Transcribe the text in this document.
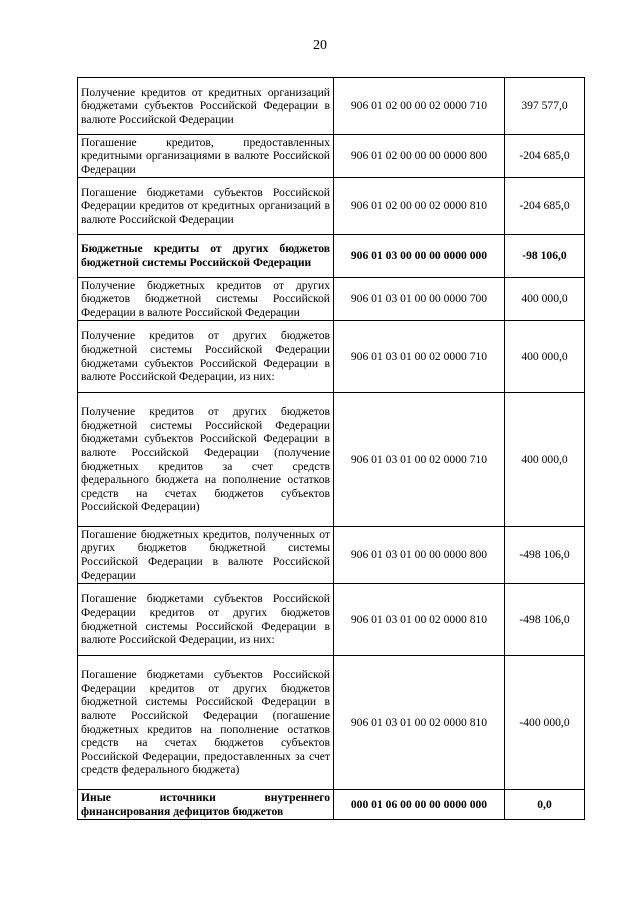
20
Получение кредитов от кредитных организаций бюджетами субъектов Российской Федерации в валюте Российской Федерации	906 01 02 00 00 02 0000 710	397 577,0
Погашение кредитов, предоставленных кредитными организациями в валюте Российской Федерации	906 01 02 00 00 00 0000 800	-204 685,0
Погашение бюджетами субъектов Российской Федерации кредитов от кредитных организаций в валюте Российской Федерации	906 01 02 00 00 02 0000 810	-204 685,0
Бюджетные кредиты от других бюджетов бюджетной системы Российской Федерации	906 01 03 00 00 00 0000 000	-98 106,0
Получение бюджетных кредитов от других бюджетов бюджетной системы Российской Федерации в валюте Российской Федерации	906 01 03 01 00 00 0000 700	400 000,0
Получение кредитов от других бюджетов бюджетной системы Российской Федерации бюджетами субъектов Российской Федерации в валюте Российской Федерации, из них:	906 01 03 01 00 02 0000 710	400 000,0
Получение кредитов от других бюджетов бюджетной системы Российской Федерации бюджетами субъектов Российской Федерации в валюте Российской Федерации (получение бюджетных кредитов за счет средств федерального бюджета на пополнение остатков средств на счетах бюджетов субъектов Российской Федерации)	906 01 03 01 00 02 0000 710	400 000,0
Погашение бюджетных кредитов, полученных от других бюджетов бюджетной системы Российской Федерации в валюте Российской Федерации	906 01 03 01 00 00 0000 800	-498 106,0
Погашение бюджетами субъектов Российской Федерации кредитов от других бюджетов бюджетной системы Российской Федерации в валюте Российской Федерации, из них:	906 01 03 01 00 02 0000 810	-498 106,0
Погашение бюджетами субъектов Российской Федерации кредитов от других бюджетов бюджетной системы Российской Федерации в валюте Российской Федерации (погашение бюджетных кредитов на пополнение остатков средств на счетах бюджетов субъектов Российской Федерации, предоставленных за счет средств федерального бюджета)	906 01 03 01 00 02 0000 810	-400 000,0
Иные источники внутреннего финансирования дефицитов бюджетов	000 01 06 00 00 00 0000 000	0,0
